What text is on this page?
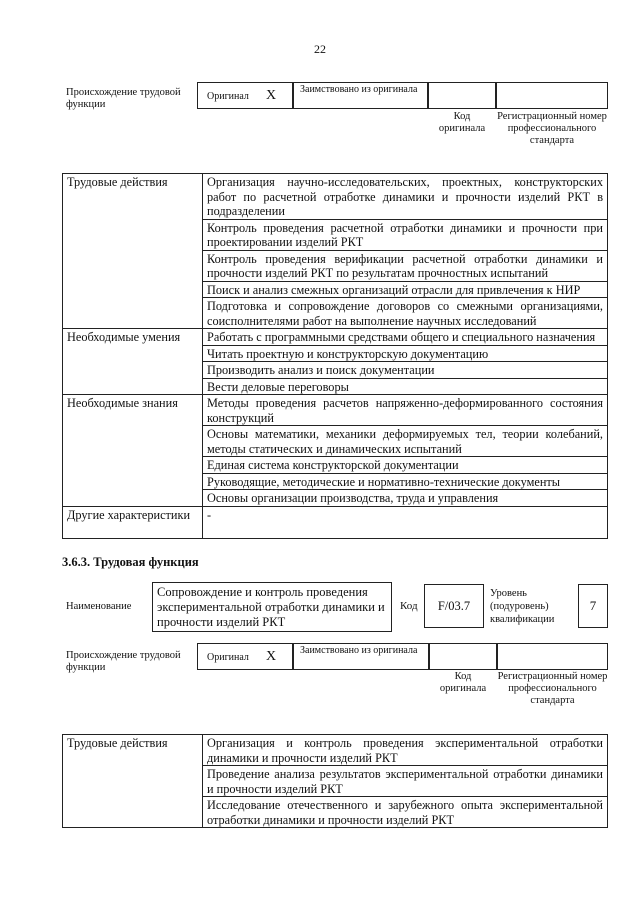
22
Происхождение трудовой функции
Оригинал X Заимствовано из оригинала
Код оригинала
Регистрационный номер профессионального стандарта
Трудовые действия	Организация научно-исследовательских, проектных, конструкторских работ по расчетной отработке динамики и прочности изделий РКТ в подразделении
	Контроль проведения расчетной отработки динамики и прочности при проектировании изделий РКТ
	Контроль проведения верификации расчетной отработки динамики и прочности изделий РКТ по результатам прочностных испытаний
	Поиск и анализ смежных организаций отрасли для привлечения к НИР
	Подготовка и сопровождение договоров со смежными организациями, соисполнителями работ на выполнение научных исследований
Необходимые умения	Работать с программными средствами общего и специального назначения
	Читать проектную и конструкторскую документацию
	Производить анализ и поиск документации
	Вести деловые переговоры
Необходимые знания	Методы проведения расчетов напряженно-деформированного состояния конструкций
	Основы математики, механики деформируемых тел, теории колебаний, методы статических и динамических испытаний
	Единая система конструкторской документации
	Руководящие, методические и нормативно-технические документы
	Основы организации производства, труда и управления
Другие характеристики	-
3.6.3. Трудовая функция
Наименование
Сопровождение и контроль проведения экспериментальной отработки динамики и прочности изделий РКТ
Код	F/03.7
Уровень (подуровень) квалификации
7
Происхождение трудовой функции
Оригинал X Заимствовано из оригинала
Код оригинала
Регистрационный номер профессионального стандарта
Трудовые действия	Организация и контроль проведения экспериментальной отработки динамики и прочности изделий РКТ
Проведение анализа результатов экспериментальной отработки динамики и прочности изделий РКТ
Исследование отечественного и зарубежного опыта экспериментальной отработки динамики и прочности изделий РКТ
